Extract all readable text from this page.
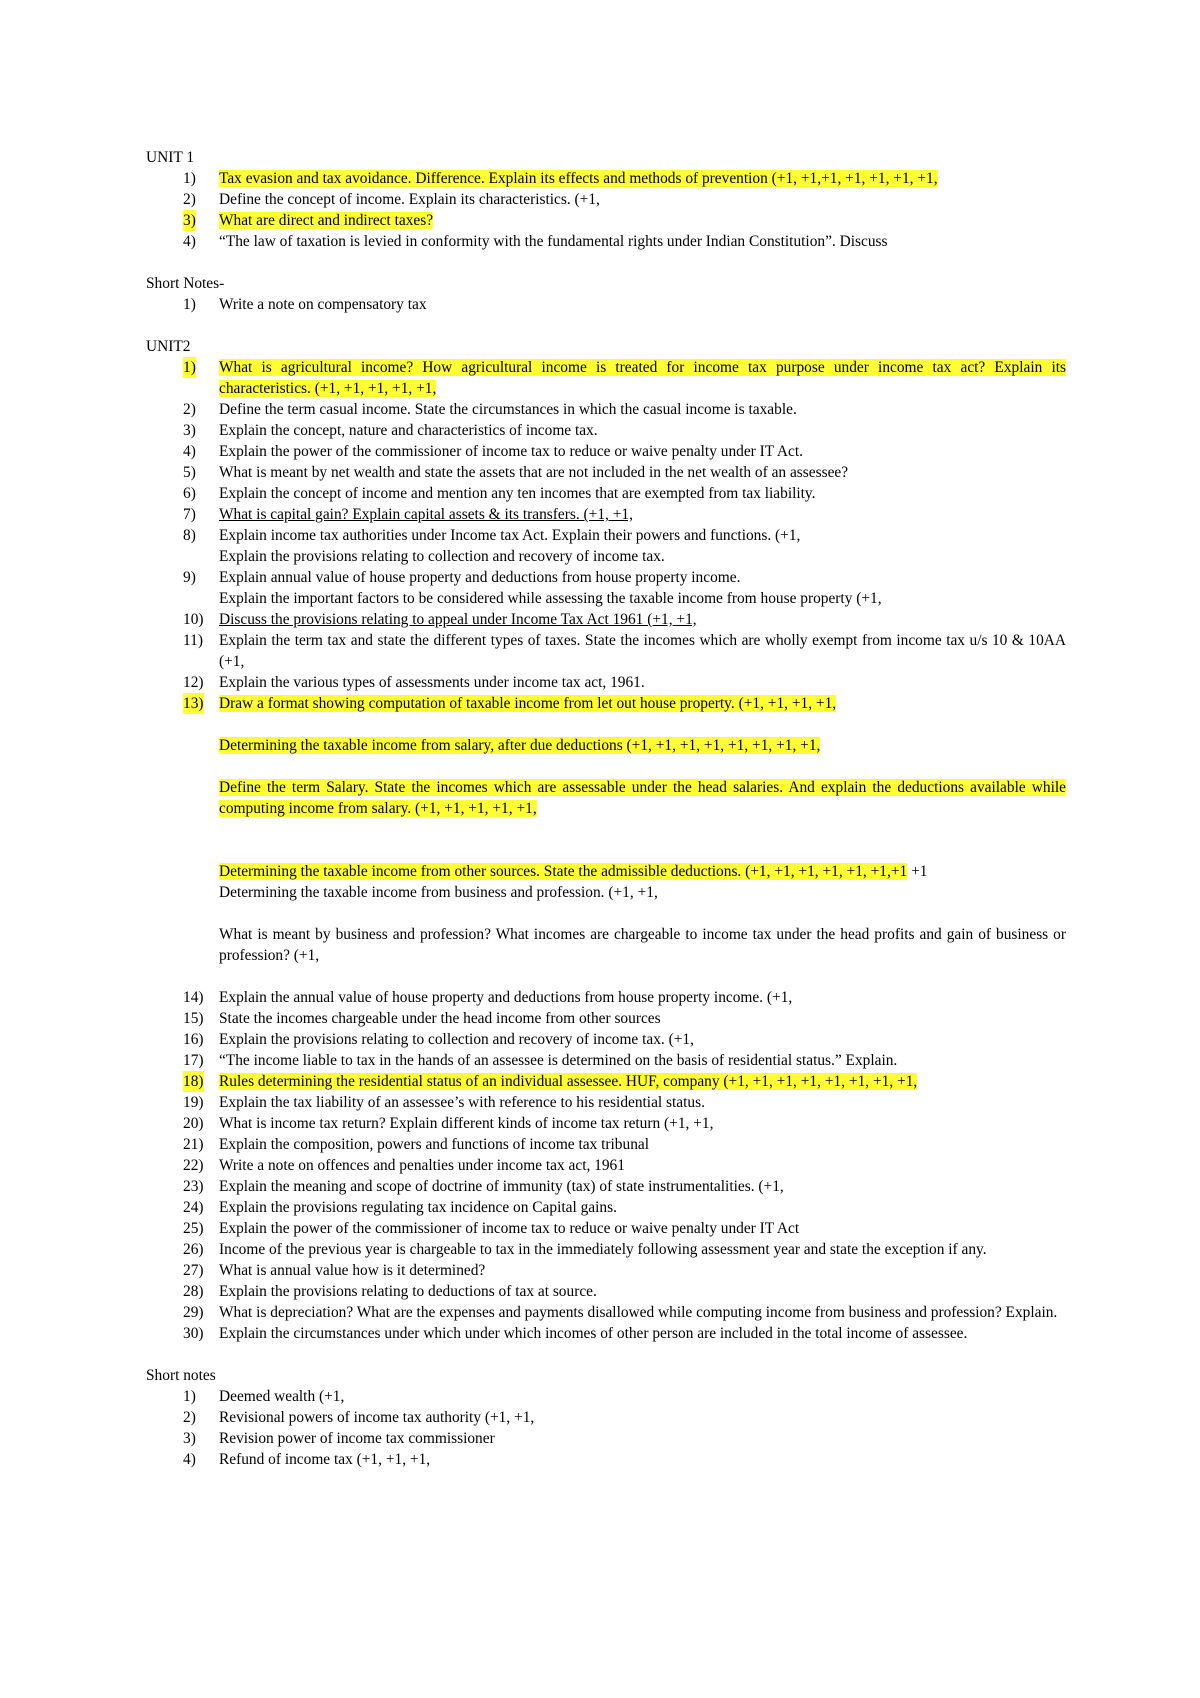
UNIT 1
1) Tax evasion and tax avoidance. Difference. Explain its effects and methods of prevention (+1, +1,+1, +1, +1, +1, +1,
2) Define the concept of income. Explain its characteristics. (+1,
3) What are direct and indirect taxes?
4) “The law of taxation is levied in conformity with the fundamental rights under Indian Constitution”. Discuss
Short Notes-
1) Write a note on compensatory tax
UNIT2
1) What is agricultural income? How agricultural income is treated for income tax purpose under income tax act? Explain its characteristics. (+1, +1, +1, +1, +1,
2) Define the term casual income. State the circumstances in which the casual income is taxable.
3) Explain the concept, nature and characteristics of income tax.
4) Explain the power of the commissioner of income tax to reduce or waive penalty under IT Act.
5) What is meant by net wealth and state the assets that are not included in the net wealth of an assessee?
6) Explain the concept of income and mention any ten incomes that are exempted from tax liability.
7) What is capital gain? Explain capital assets & its transfers. (+1, +1,
8) Explain income tax authorities under Income tax Act. Explain their powers and functions. (+1,
Explain the provisions relating to collection and recovery of income tax.
9) Explain annual value of house property and deductions from house property income.
Explain the important factors to be considered while assessing the taxable income from house property (+1,
10) Discuss the provisions relating to appeal under Income Tax Act 1961 (+1, +1,
11) Explain the term tax and state the different types of taxes. State the incomes which are wholly exempt from income tax u/s 10 & 10AA (+1,
12) Explain the various types of assessments under income tax act, 1961.
13) Draw a format showing computation of taxable income from let out house property. (+1, +1, +1, +1,
Determining the taxable income from salary, after due deductions (+1, +1, +1, +1, +1, +1, +1, +1,
Define the term Salary. State the incomes which are assessable under the head salaries. And explain the deductions available while computing income from salary. (+1, +1, +1, +1, +1,
Determining the taxable income from other sources. State the admissible deductions. (+1, +1, +1, +1, +1, +1,+1 +1
Determining the taxable income from business and profession. (+1, +1,
What is meant by business and profession? What incomes are chargeable to income tax under the head profits and gain of business or profession? (+1,
14) Explain the annual value of house property and deductions from house property income. (+1,
15) State the incomes chargeable under the head income from other sources
16) Explain the provisions relating to collection and recovery of income tax. (+1,
17) “The income liable to tax in the hands of an assessee is determined on the basis of residential status.” Explain.
18) Rules determining the residential status of an individual assessee. HUF, company (+1, +1, +1, +1, +1, +1, +1, +1,
19) Explain the tax liability of an assessee’s with reference to his residential status.
20) What is income tax return? Explain different kinds of income tax return (+1, +1,
21) Explain the composition, powers and functions of income tax tribunal
22) Write a note on offences and penalties under income tax act, 1961
23) Explain the meaning and scope of doctrine of immunity (tax) of state instrumentalities. (+1,
24) Explain the provisions regulating tax incidence on Capital gains.
25) Explain the power of the commissioner of income tax to reduce or waive penalty under IT Act
26) Income of the previous year is chargeable to tax in the immediately following assessment year and state the exception if any.
27) What is annual value how is it determined?
28) Explain the provisions relating to deductions of tax at source.
29) What is depreciation? What are the expenses and payments disallowed while computing income from business and profession? Explain.
30) Explain the circumstances under which under which incomes of other person are included in the total income of assessee.
Short notes
1) Deemed wealth (+1,
2) Revisional powers of income tax authority (+1, +1,
3) Revision power of income tax commissioner
4) Refund of income tax (+1, +1, +1,
